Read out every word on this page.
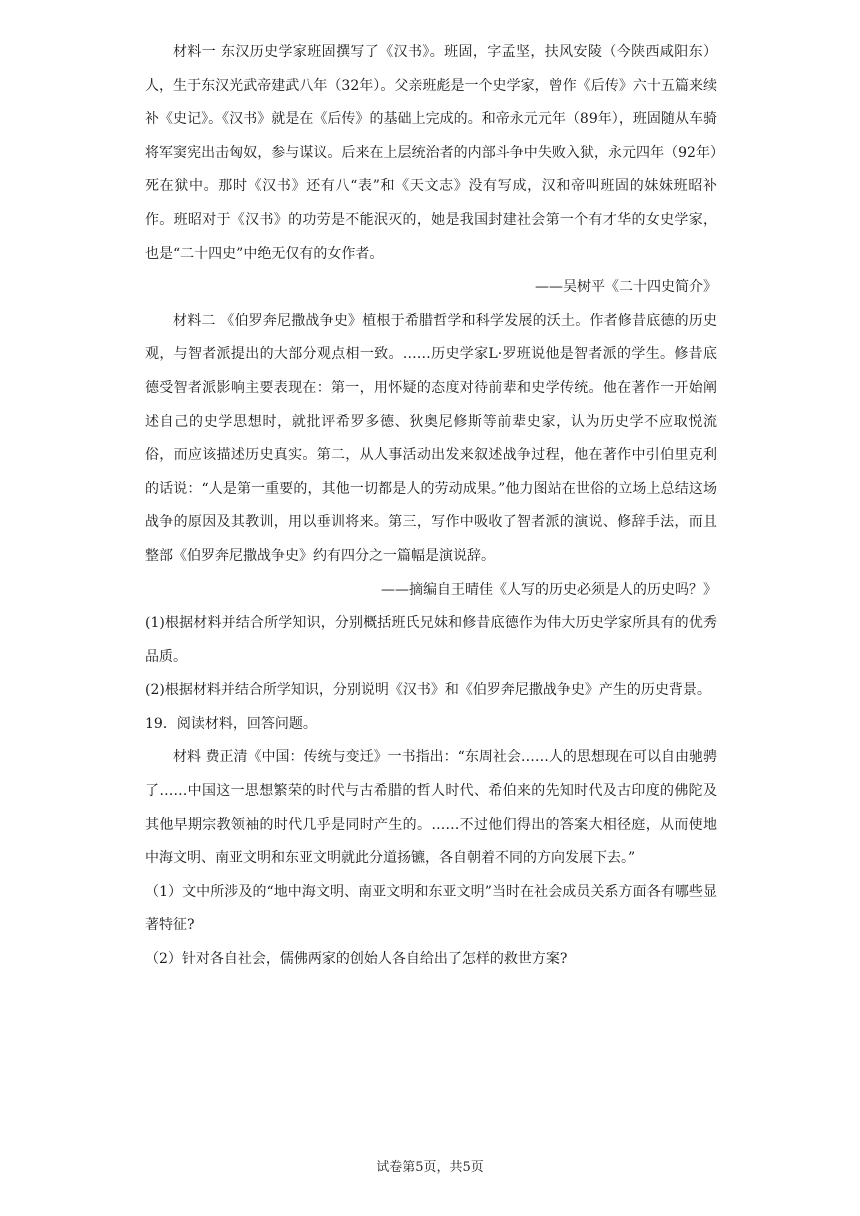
材料一 东汉历史学家班固撰写了《汉书》。班固，字孟坚，扶风安陵（今陕西咸阳东）人，生于东汉光武帝建武八年（32年）。父亲班彪是一个史学家，曾作《后传》六十五篇来续补《史记》。《汉书》就是在《后传》的基础上完成的。和帝永元元年（89年），班固随从车骑将军窦宪出击匈奴，参与谋议。后来在上层统治者的内部斗争中失败入狱，永元四年（92年）死在狱中。那时《汉书》还有八“表”和《天文志》没有写成，汉和帝叫班固的妹妹班昭补作。班昭对于《汉书》的功劳是不能泯灭的，她是我国封建社会第一个有才华的女史学家，也是“二十四史”中绝无仅有的女作者。

——吴树平《二十四史简介》

材料二 《伯罗奔尼撒战争史》植根于希腊哲学和科学发展的沃土。作者修昔底德的历史观，与智者派提出的大部分观点相一致。……历史学家L·罗班说他是智者派的学生。修昔底德受智者派影响主要表现在：第一，用怀疑的态度对待前辈和史学传统。他在著作一开始阐述自己的史学思想时，就批评希罗多德、狄奥尼修斯等前辈史家，认为历史学不应取悦流俗，而应该描述历史真实。第二，从人事活动出发来叙述战争过程，他在著作中引伯里克利的话说：“人是第一重要的，其他一切都是人的劳动成果。”他力图站在世俗的立场上总结这场战争的原因及其教训，用以垂训将来。第三，写作中吸收了智者派的演说、修辞手法，而且整部《伯罗奔尼撒战争史》约有四分之一篇幅是演说辞。

——摘编自王晴佳《人写的历史必须是人的历史吗？》

(1)根据材料并结合所学知识，分别概括班氏兄妹和修昔底德作为伟大历史学家所具有的优秀品质。

(2)根据材料并结合所学知识，分别说明《汉书》和《伯罗奔尼撒战争史》产生的历史背景。

19．阅读材料，回答问题。

材料 费正清《中国：传统与变迁》一书指出：“东周社会……人的思想现在可以自由驰骋了……中国这一思想繁荣的时代与古希腊的哲人时代、希伯来的先知时代及古印度的佛陀及其他早期宗教领袖的时代几乎是同时产生的。……不过他们得出的答案大相径庭，从而使地中海文明、南亚文明和东亚文明就此分道扬镳，各自朝着不同的方向发展下去。”

（1）文中所涉及的“地中海文明、南亚文明和东亚文明”当时在社会成员关系方面各有哪些显著特征?

（2）针对各自社会，儒佛两家的创始人各自给出了怎样的救世方案?

试卷第5页，共5页
